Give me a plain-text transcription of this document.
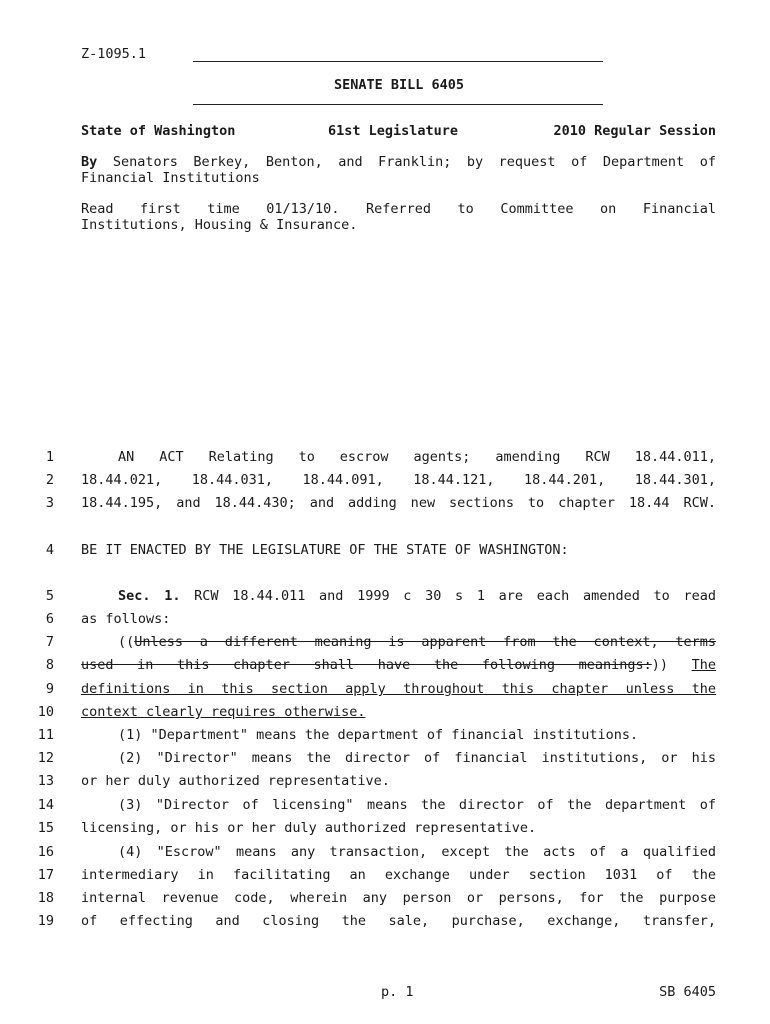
Z-1095.1
SENATE BILL 6405
State of Washington	61st Legislature	2010 Regular Session
By Senators Berkey, Benton, and Franklin; by request of Department of
Financial Institutions
Read first time 01/13/10. Referred to Committee on Financial
Institutions, Housing & Insurance.
1	AN ACT Relating to escrow agents; amending RCW 18.44.011,
2 18.44.021, 18.44.031, 18.44.091, 18.44.121, 18.44.201, 18.44.301,
3 18.44.195, and 18.44.430; and adding new sections to chapter 18.44 RCW.
4 BE IT ENACTED BY THE LEGISLATURE OF THE STATE OF WASHINGTON:
5	Sec. 1. RCW 18.44.011 and 1999 c 30 s 1 are each amended to read
6 as follows:
7	((Unless a different meaning is apparent from the context, terms
8 used in this chapter shall have the following meanings:)) The
9 definitions in this section apply throughout this chapter unless the
10 context clearly requires otherwise.
11	(1) "Department" means the department of financial institutions.
12	(2) "Director" means the director of financial institutions, or his
13 or her duly authorized representative.
14	(3) "Director of licensing" means the director of the department of
15 licensing, or his or her duly authorized representative.
16	(4) "Escrow" means any transaction, except the acts of a qualified
17 intermediary in facilitating an exchange under section 1031 of the
18 internal revenue code, wherein any person or persons, for the purpose
19 of effecting and closing the sale, purchase, exchange, transfer,
p. 1	SB 6405
